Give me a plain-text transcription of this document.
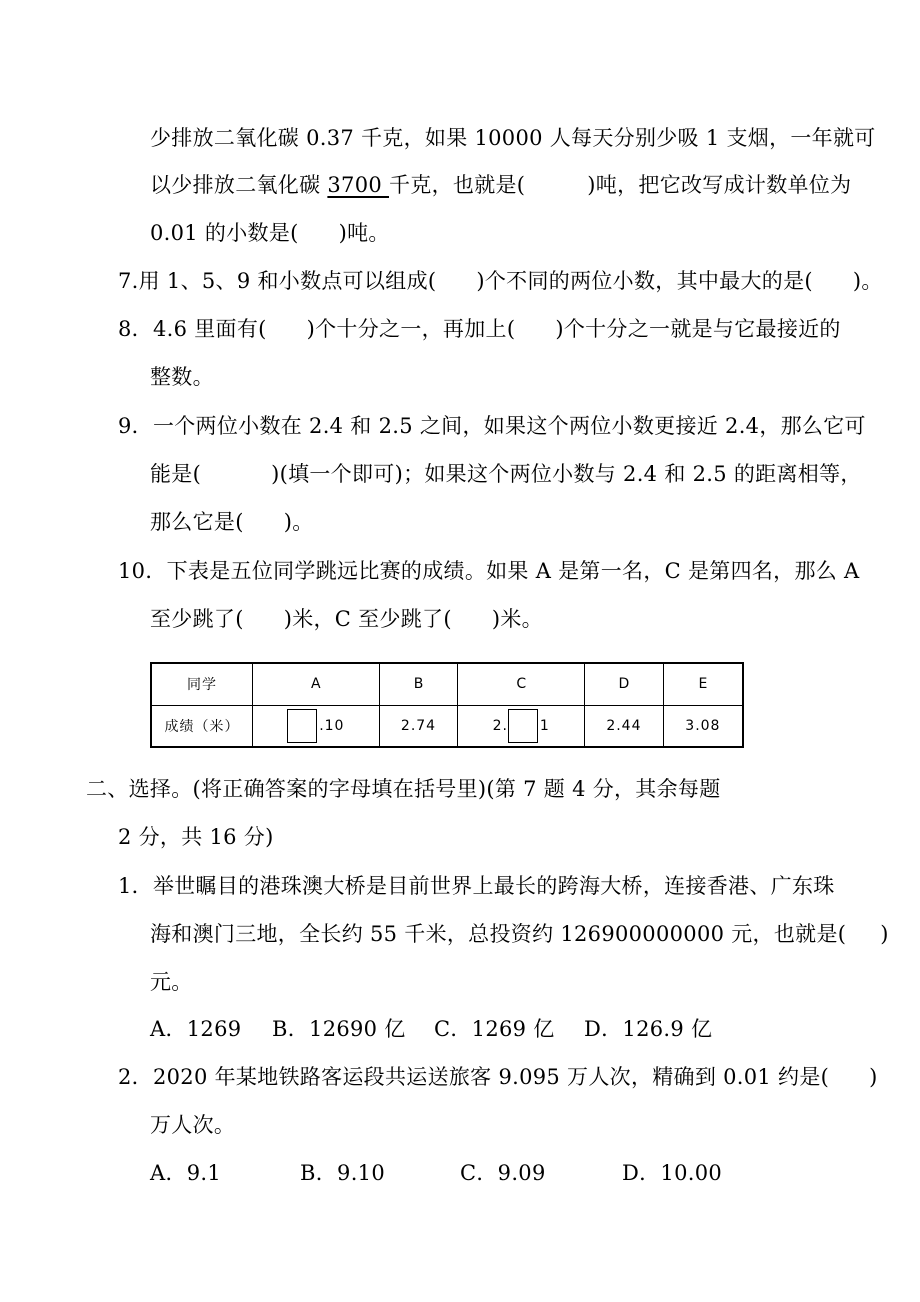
少排放二氧化碳 0.37 千克，如果 10000 人每天分别少吸 1 支烟，一年就可
以少排放二氧化碳 3700 千克，也就是(	)吨，把它改写成计数单位为
0.01 的小数是( )吨。
7.用 1、5、9 和小数点可以组成( )个不同的两位小数，其中最大的是( )。
8．4.6 里面有( )个十分之一，再加上( )个十分之一就是与它最接近的
整数。
9．一个两位小数在 2.4 和 2.5 之间，如果这个两位小数更接近 2.4，那么它可
能是(	)(填一个即可)；如果这个两位小数与 2.4 和 2.5 的距离相等，
那么它是( )。
10．下表是五位同学跳远比赛的成绩。如果 A 是第一名，C 是第四名，那么 A
至少跳了( )米，C 至少跳了( )米。
同学	A	B	C	D	E
成绩（米）	.10	2.74	2. 1	2.44	3.08
二、选择。(将正确答案的字母填在括号里)(第 7 题 4 分，其余每题
2 分，共 16 分)
1．举世瞩目的港珠澳大桥是目前世界上最长的跨海大桥，连接香港、广东珠
海和澳门三地，全长约 55 千米，总投资约 126900000000 元，也就是( )
元。
A．1269 B．12690 亿 C．1269 亿 D．126.9 亿
2．2020 年某地铁路客运段共运送旅客 9.095 万人次，精确到 0.01 约是( )
万人次。
A．9.1	B．9.10	C．9.09	D．10.00
